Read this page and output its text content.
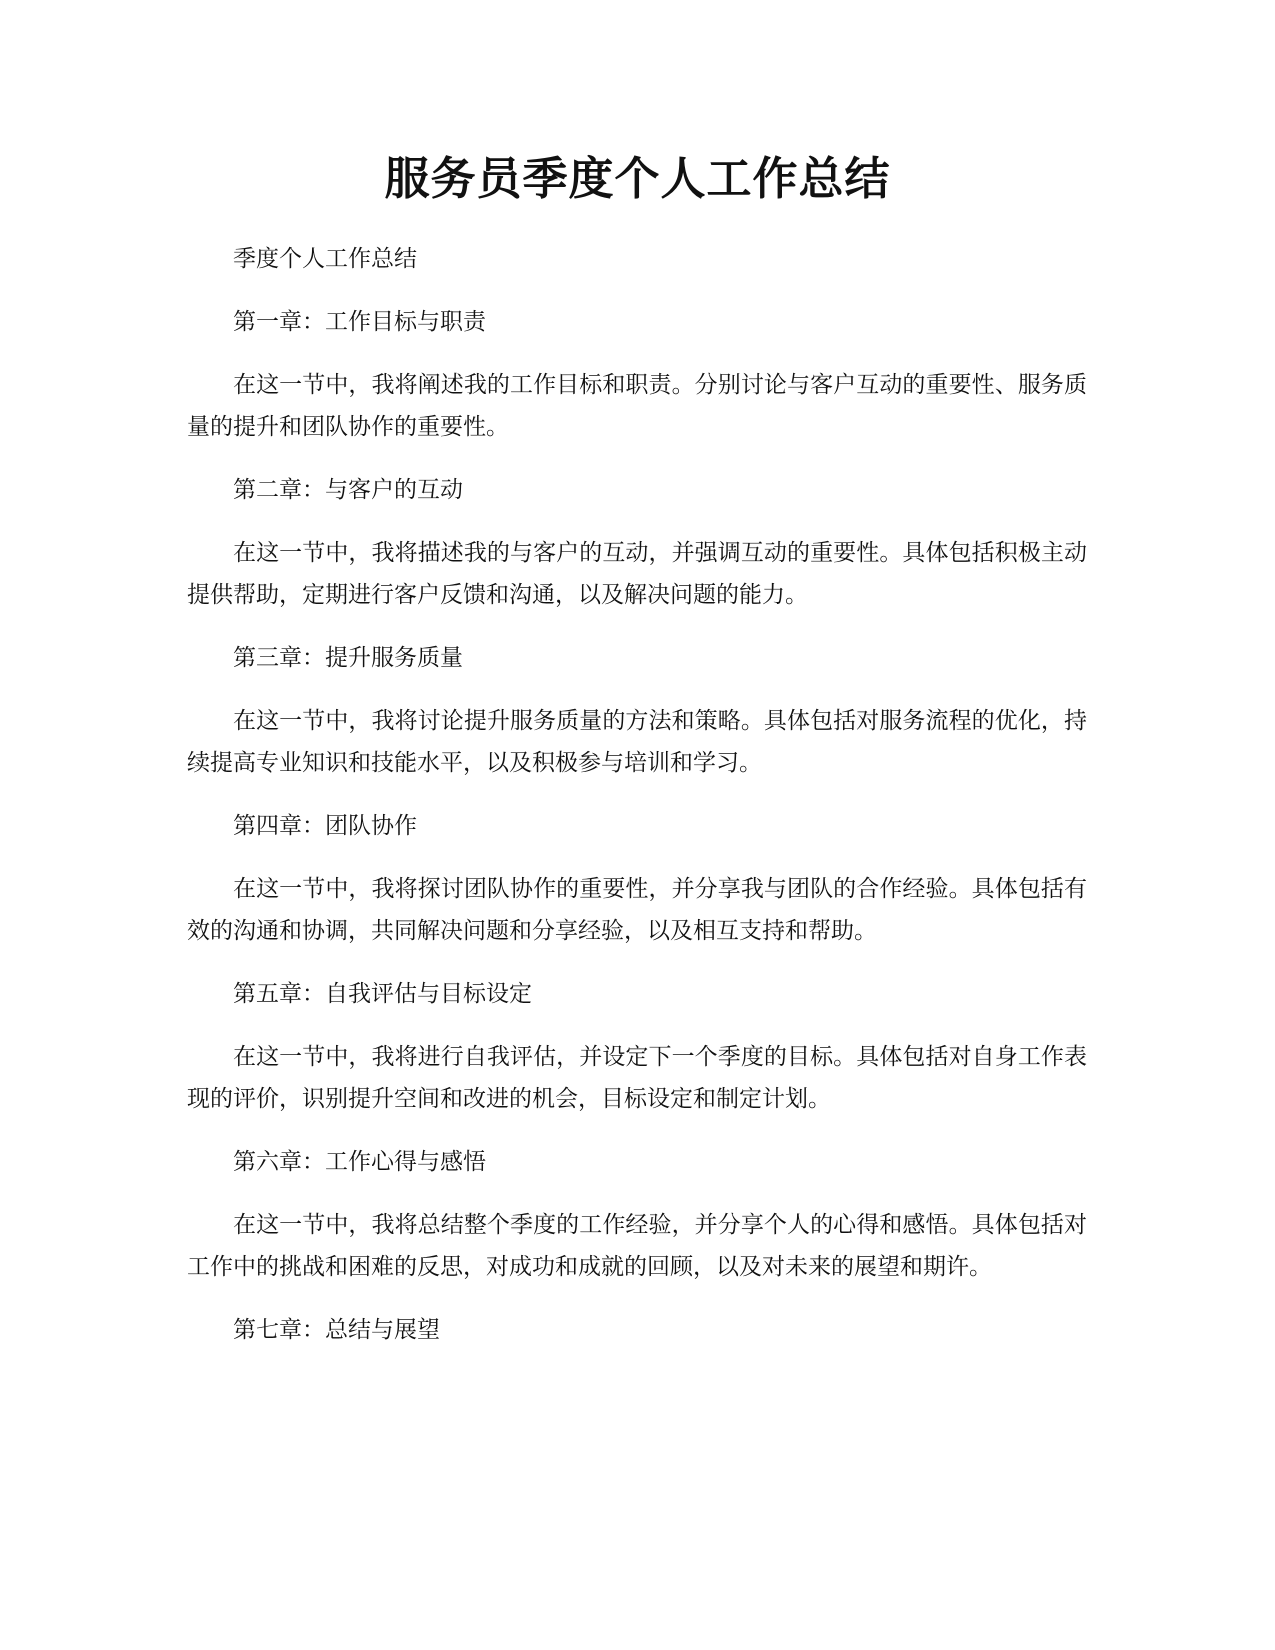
服务员季度个人工作总结

季度个人工作总结

第一章：工作目标与职责

在这一节中，我将阐述我的工作目标和职责。分别讨论与客户互动的重要性、服务质量的提升和团队协作的重要性。

第二章：与客户的互动

在这一节中，我将描述我的与客户的互动，并强调互动的重要性。具体包括积极主动提供帮助，定期进行客户反馈和沟通，以及解决问题的能力。

第三章：提升服务质量

在这一节中，我将讨论提升服务质量的方法和策略。具体包括对服务流程的优化，持续提高专业知识和技能水平，以及积极参与培训和学习。

第四章：团队协作

在这一节中，我将探讨团队协作的重要性，并分享我与团队的合作经验。具体包括有效的沟通和协调，共同解决问题和分享经验，以及相互支持和帮助。

第五章：自我评估与目标设定

在这一节中，我将进行自我评估，并设定下一个季度的目标。具体包括对自身工作表现的评价，识别提升空间和改进的机会，目标设定和制定计划。

第六章：工作心得与感悟

在这一节中，我将总结整个季度的工作经验，并分享个人的心得和感悟。具体包括对工作中的挑战和困难的反思，对成功和成就的回顾，以及对未来的展望和期许。

第七章：总结与展望
